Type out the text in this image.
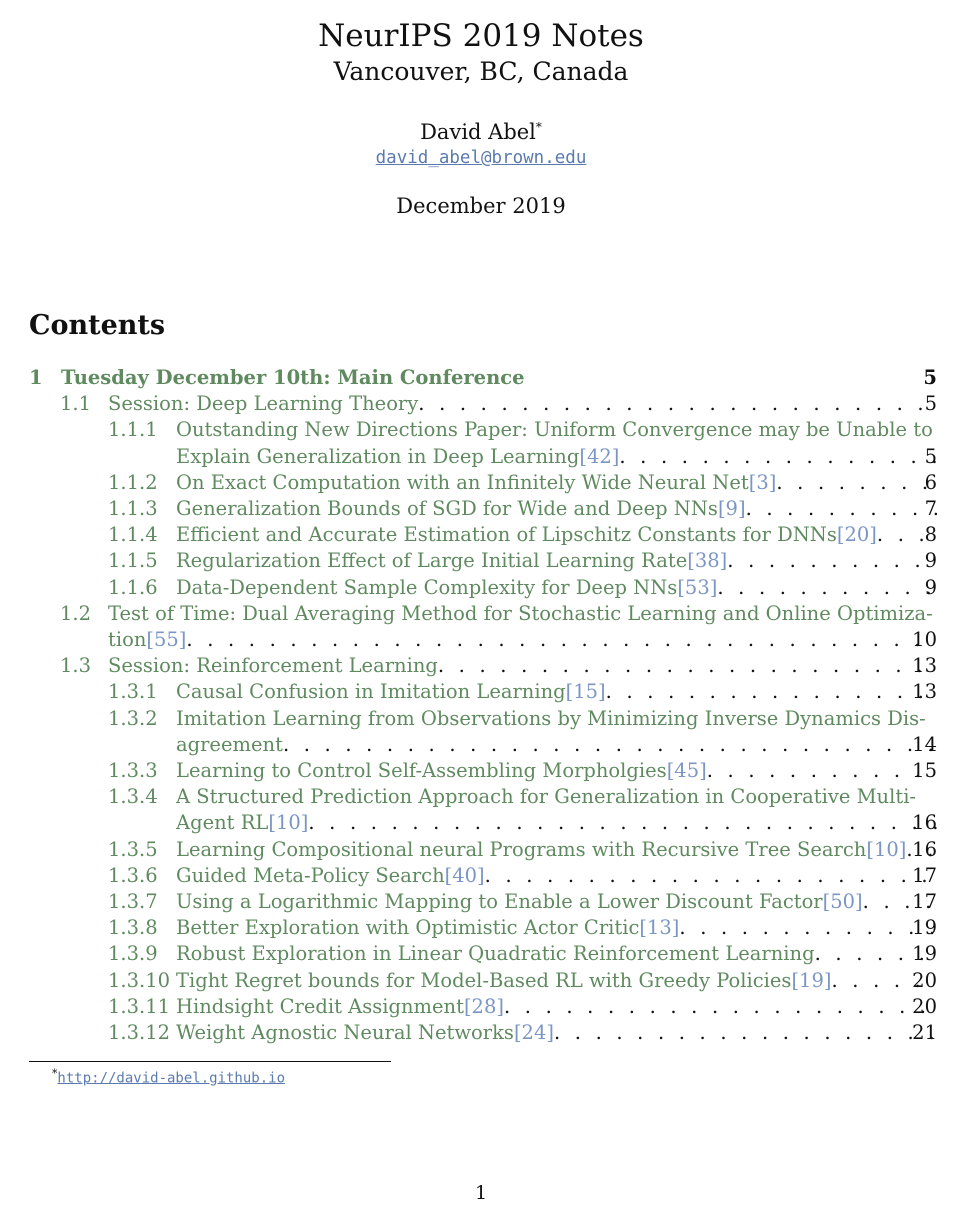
NeurIPS 2019 Notes
Vancouver, BC, Canada
David Abel*
david_abel@brown.edu
December 2019
Contents
1 Tuesday December 10th: Main Conference	5
1.1 Session: Deep Learning Theory . . .	5
1.1.1 Outstanding New Directions Paper: Uniform Convergence may be Unable to
Explain Generalization in Deep Learning [42] . . .	5
1.1.2 On Exact Computation with an Infinitely Wide Neural Net [3] . . .	6
1.1.3 Generalization Bounds of SGD for Wide and Deep NNs [9] . . .	7
1.1.4 Efficient and Accurate Estimation of Lipschitz Constants for DNNs [20] . . . 8
1.1.5 Regularization Effect of Large Initial Learning Rate [38] . . .	9
1.1.6 Data-Dependent Sample Complexity for Deep NNs [53] . . .	9
1.2 Test of Time: Dual Averaging Method for Stochastic Learning and Online Optimiza-
tion [55] . . .	10
1.3 Session: Reinforcement Learning . . .	13
1.3.1 Causal Confusion in Imitation Learning [15] . . .	13
1.3.2 Imitation Learning from Observations by Minimizing Inverse Dynamics Dis-
agreement . . .	14
1.3.3 Learning to Control Self-Assembling Morpholgies [45] . . .	15
1.3.4 A Structured Prediction Approach for Generalization in Cooperative Multi-
Agent RL [10] . . .	16
1.3.5 Learning Compositional neural Programs with Recursive Tree Search [10] . . . 16
1.3.6 Guided Meta-Policy Search [40] . . .	17
1.3.7 Using a Logarithmic Mapping to Enable a Lower Discount Factor [50] . . .	17
1.3.8 Better Exploration with Optimistic Actor Critic [13] . . .	19
1.3.9 Robust Exploration in Linear Quadratic Reinforcement Learning . . .	19
1.3.10 Tight Regret bounds for Model-Based RL with Greedy Policies [19] . . .	20
1.3.11 Hindsight Credit Assignment [28] . . .	20
1.3.12 Weight Agnostic Neural Networks [24] . . .	21
*http://david-abel.github.io
1
